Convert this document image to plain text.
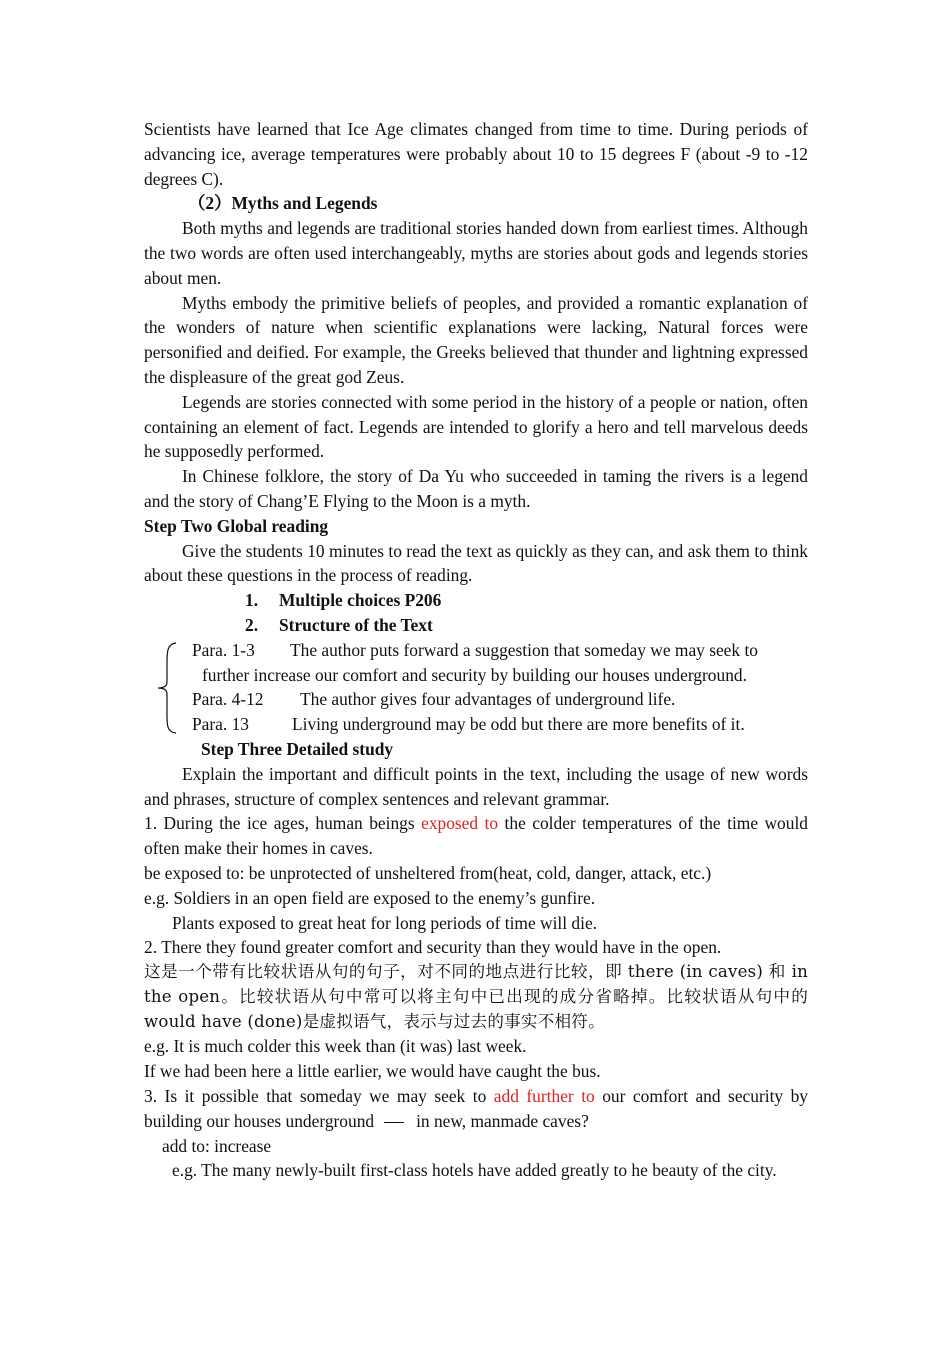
Scientists have learned that Ice Age climates changed from time to time. During periods of advancing ice, average temperatures were probably about 10 to 15 degrees F (about -9 to -12 degrees C).

（2）Myths and Legends

Both myths and legends are traditional stories handed down from earliest times. Although the two words are often used interchangeably, myths are stories about gods and legends stories about men.

Myths embody the primitive beliefs of peoples, and provided a romantic explanation of the wonders of nature when scientific explanations were lacking, Natural forces were personified and deified. For example, the Greeks believed that thunder and lightning expressed the displeasure of the great god Zeus.

Legends are stories connected with some period in the history of a people or nation, often containing an element of fact. Legends are intended to glorify a hero and tell marvelous deeds he supposedly performed.

In Chinese folklore, the story of Da Yu who succeeded in taming the rivers is a legend and the story of Chang’E Flying to the Moon is a myth.

Step Two Global reading

Give the students 10 minutes to read the text as quickly as they can, and ask them to think about these questions in the process of reading.

1. Multiple choices P206
2. Structure of the Text
Para. 1-3 The author puts forward a suggestion that someday we may seek to
further increase our comfort and security by building our houses underground.
Para. 4-12 The author gives four advantages of underground life.
Para. 13 Living underground may be odd but there are more benefits of it.

Step Three Detailed study

Explain the important and difficult points in the text, including the usage of new words and phrases, structure of complex sentences and relevant grammar.

1. During the ice ages, human beings exposed to the colder temperatures of the time would often make their homes in caves.

be exposed to: be unprotected of unsheltered from(heat, cold, danger, attack, etc.)

e.g. Soldiers in an open field are exposed to the enemy’s gunfire.

Plants exposed to great heat for long periods of time will die.

2. There they found greater comfort and security than they would have in the open.

这是一个带有比较状语从句的句子，对不同的地点进行比较，即 there (in caves) 和 in the open。比较状语从句中常可以将主句中已出现的成分省略掉。比较状语从句中的 would have (done)是虚拟语气，表示与过去的事实不相符。

e.g. It is much colder this week than (it was) last week.

If we had been here a little earlier, we would have caught the bus.

3. Is it possible that someday we may seek to add further to our comfort and security by building our houses underground in new, manmade caves?

add to: increase

e.g. The many newly-built first-class hotels have added greatly to he beauty of the city.
